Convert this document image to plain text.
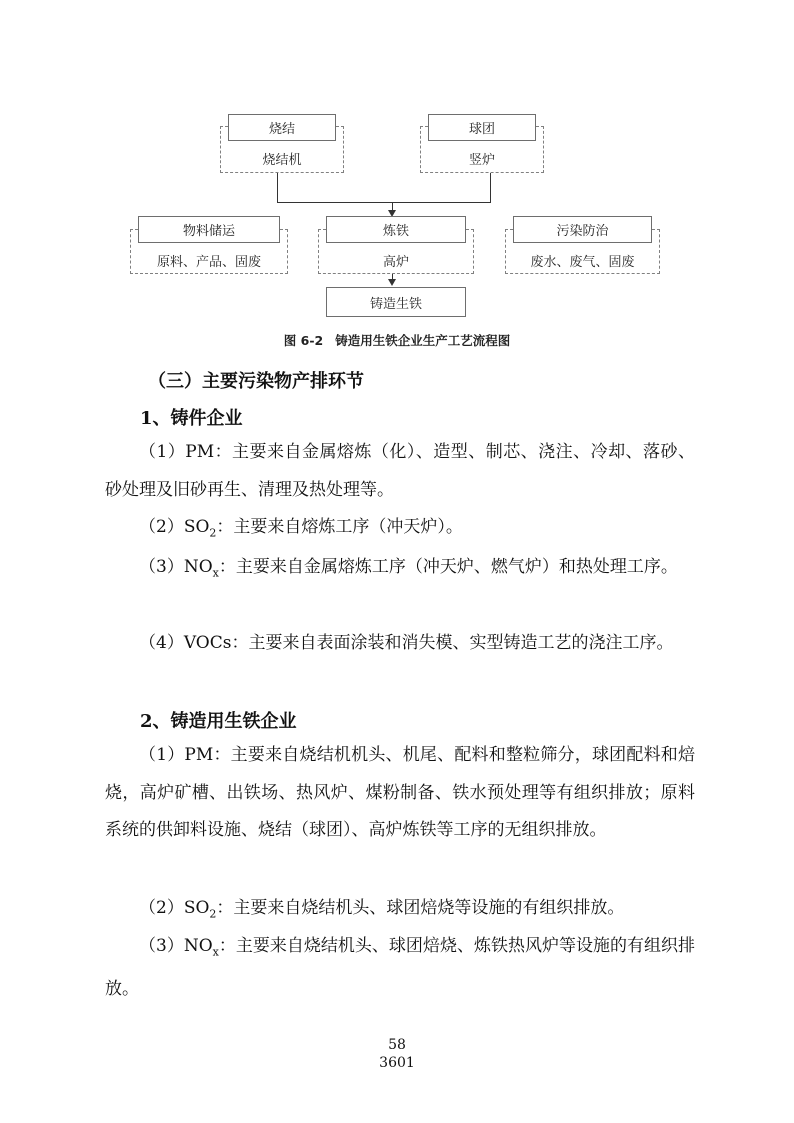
烧结
烧结机
球团
竖炉
物料储运
原料、产品、固废
炼铁
高炉
污染防治
废水、废气、固废
铸造生铁
图 6-2 铸造用生铁企业生产工艺流程图
（三）主要污染物产排环节
1、铸件企业

（1）PM：主要来自金属熔炼（化）、造型、制芯、浇注、冷却、落砂、砂处理及旧砂再生、清理及热处理等。

$(2)SO_2$：主要来自熔炼工序（冲天炉）。

$(3)NO_x$：主要来自金属熔炼工序（冲天炉、燃气炉）和热处理工序。

（4）VOCs：主要来自表面涂装和消失模、实型铸造工艺的浇注工序。

2、铸造用生铁企业

（1）PM：主要来自烧结机机头、机尾、配料和整粒筛分，球团配料和焙烧，高炉矿槽、出铁场、热风炉、煤粉制备、铁水预处理等有组织排放；原料系统的供卸料设施、烧结（球团）、高炉炼铁等工序的无组织排放。

$(2)SO_2$：主要来自烧结机头、球团焙烧等设施的有组织排放。

$(3)NO_x$：主要来自烧结机头、球团焙烧、炼铁热风炉等设施的有组织排放。

58
3601
